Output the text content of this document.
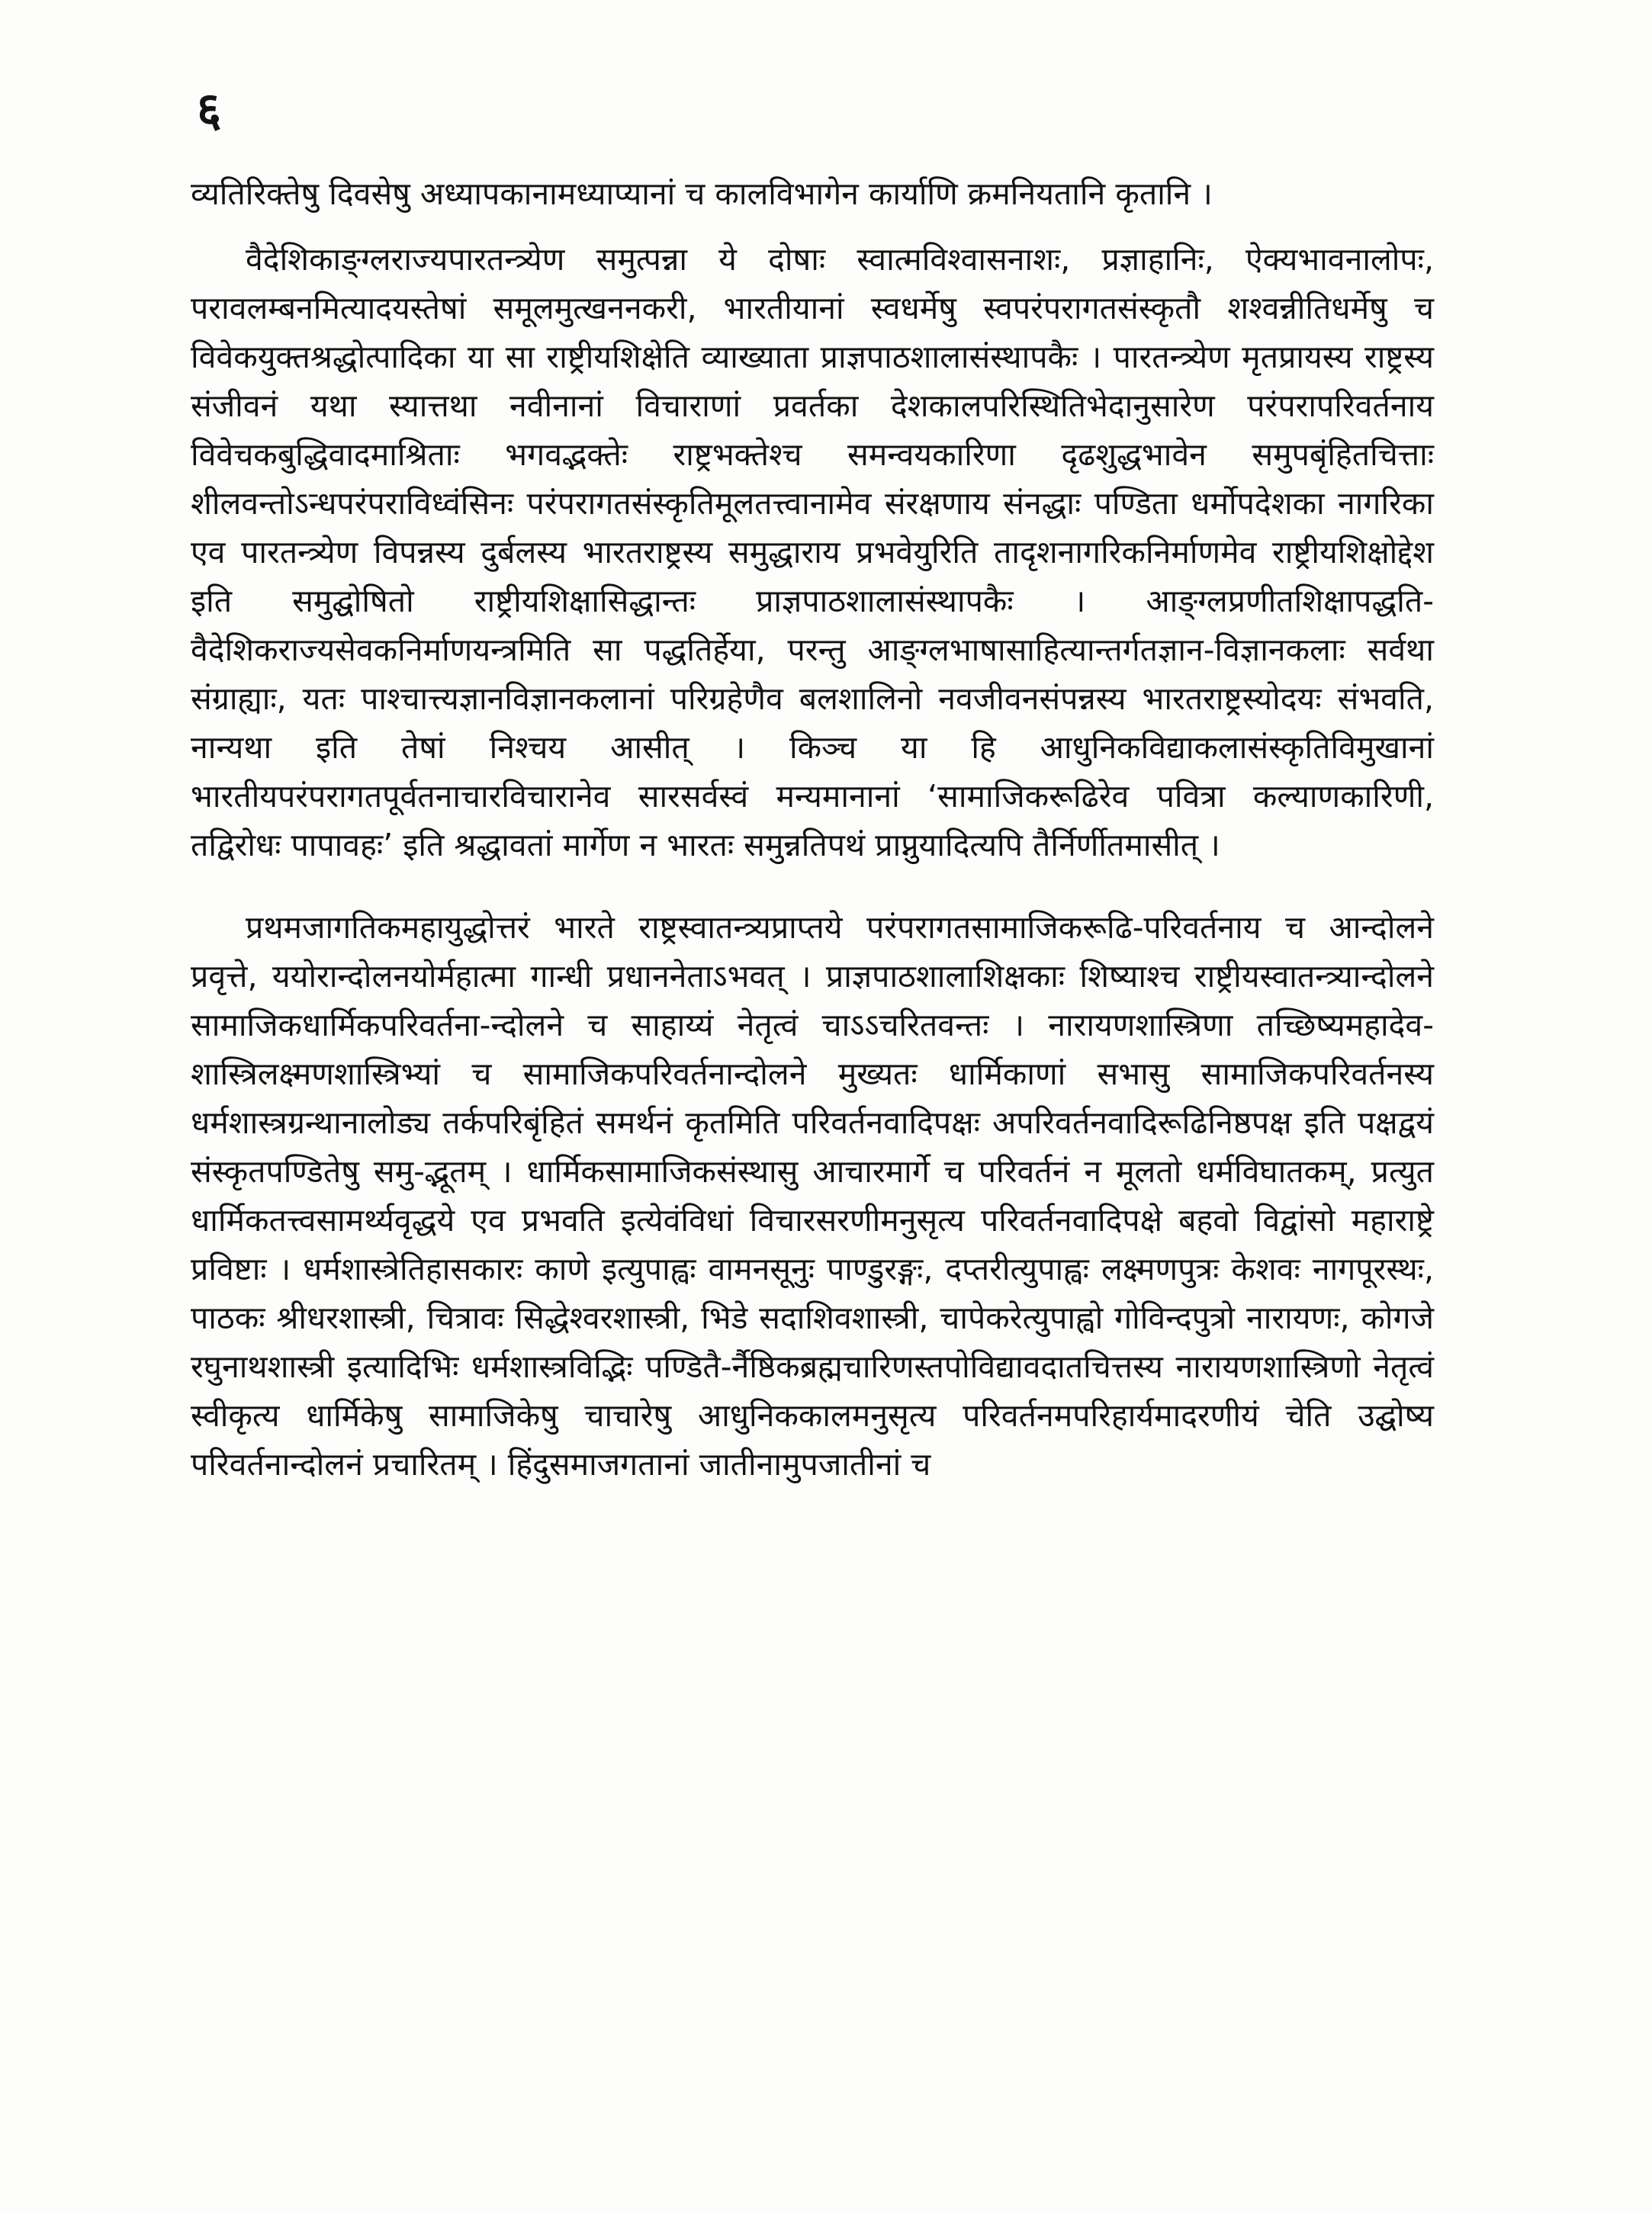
६

व्यतिरिक्तेषु दिवसेषु अध्यापकानामध्याप्यानां च कालविभागेन कार्याणि क्रमनियतानि कृतानि ।

वैदेशिकाङ्ग्लराज्यपारतन्त्र्येण समुत्पन्ना ये दोषाः स्वात्मविश्वासनाशः, प्रज्ञाहानिः, ऐक्यभावनालोपः, परावलम्बनमित्यादयस्तेषां समूलमुत्खननकरी, भारतीयानां स्वधर्मेषु स्वपरंपरागतसंस्कृतौ शश्वन्नीतिधर्मेषु च विवेकयुक्तश्रद्धोत्पादिका या सा राष्ट्रीयशिक्षेति व्याख्याता प्राज्ञपाठशालासंस्थापकैः । पारतन्त्र्येण मृतप्रायस्य राष्ट्रस्य संजीवनं यथा स्यात्तथा नवीनानां विचाराणां प्रवर्तका देशकालपरिस्थितिभेदानुसारेण परंपरापरिवर्तनाय विवेचकबुद्धिवादमाश्रिताः भगवद्भक्तेः राष्ट्रभक्तेश्च समन्वयकारिणा दृढशुद्धभावेन समुपबृंहितचित्ताः शीलवन्तोऽन्धपरंपराविध्वंसिनः परंपरागतसंस्कृतिमूलतत्त्वानामेव संरक्षणाय संनद्धाः पण्डिता धर्मोपदेशका नागरिका एव पारतन्त्र्येण विपन्नस्य दुर्बलस्य भारतराष्ट्रस्य समुद्धाराय प्रभवेयुरिति तादृशनागरिकनिर्माणमेव राष्ट्रीयशिक्षोद्देश इति समुद्घोषितो राष्ट्रीयशिक्षासिद्धान्तः प्राज्ञपाठशालासंस्थापकैः । आङ्ग्लप्रणीतशिक्षापद्धति-वैदेशिकराज्यसेवकनिर्माणयन्त्रमिति सा पद्धतिर्हेया, परन्तु आङ्ग्लभाषासाहित्यान्तर्गतज्ञान-विज्ञानकलाः सर्वथा संग्राह्याः, यतः पाश्चात्त्यज्ञानविज्ञानकलानां परिग्रहेणैव बलशालिनो नवजीवनसंपन्नस्य भारतराष्ट्रस्योदयः संभवति, नान्यथा इति तेषां निश्चय आसीत् । किञ्च या हि आधुनिकविद्याकलासंस्कृतिविमुखानां भारतीयपरंपरागतपूर्वतनाचारविचारानेव सारसर्वस्वं मन्यमानानां ‘सामाजिकरूढिरेव पवित्रा कल्याणकारिणी, तद्विरोधः पापावहः’ इति श्रद्धावतां मार्गेण न भारतः समुन्नतिपथं प्राप्नुयादित्यपि तैर्निर्णीतमासीत् ।

प्रथमजागतिकमहायुद्धोत्तरं भारते राष्ट्रस्वातन्त्र्यप्राप्तये परंपरागतसामाजिकरूढि-परिवर्तनाय च आन्दोलने प्रवृत्ते, ययोरान्दोलनयोर्महात्मा गान्धी प्रधाननेताऽभवत् । प्राज्ञपाठशालाशिक्षकाः शिष्याश्च राष्ट्रीयस्वातन्त्र्यान्दोलने सामाजिकधार्मिकपरिवर्तना-न्दोलने च साहाय्यं नेतृत्वं चाऽऽचरितवन्तः । नारायणशास्त्रिणा तच्छिष्यमहादेव-शास्त्रिलक्ष्मणशास्त्रिभ्यां च सामाजिकपरिवर्तनान्दोलने मुख्यतः धार्मिकाणां सभासु सामाजिकपरिवर्तनस्य धर्मशास्त्रग्रन्थानालोड्य तर्कपरिबृंहितं समर्थनं कृतमिति परिवर्तनवादिपक्षः अपरिवर्तनवादिरूढिनिष्ठपक्ष इति पक्षद्वयं संस्कृतपण्डितेषु समु-द्भूतम् । धार्मिकसामाजिकसंस्थासु आचारमार्गे च परिवर्तनं न मूलतो धर्मविघातकम्, प्रत्युत धार्मिकतत्त्वसामर्थ्यवृद्धये एव प्रभवति इत्येवंविधां विचारसरणीमनुसृत्य परिवर्तनवादिपक्षे बहवो विद्वांसो महाराष्ट्रे प्रविष्टाः । धर्मशास्त्रेतिहासकारः काणे इत्युपाह्वः वामनसूनुः पाण्डुरङ्गः, दप्तरीत्युपाह्वः लक्ष्मणपुत्रः केशवः नागपूरस्थः, पाठकः श्रीधरशास्त्री, चित्रावः सिद्धेश्वरशास्त्री, भिडे सदाशिवशास्त्री, चापेकरेत्युपाह्वो गोविन्दपुत्रो नारायणः, कोगजे रघुनाथशास्त्री इत्यादिभिः धर्मशास्त्रविद्भिः पण्डितै-र्नैष्ठिकब्रह्मचारिणस्तपोविद्यावदातचित्तस्य नारायणशास्त्रिणो नेतृत्वं स्वीकृत्य धार्मिकेषु सामाजिकेषु चाचारेषु आधुनिककालमनुसृत्य परिवर्तनमपरिहार्यमादरणीयं चेति उद्घोष्य परिवर्तनान्दोलनं प्रचारितम् । हिंदुसमाजगतानां जातीनामुपजातीनां च
